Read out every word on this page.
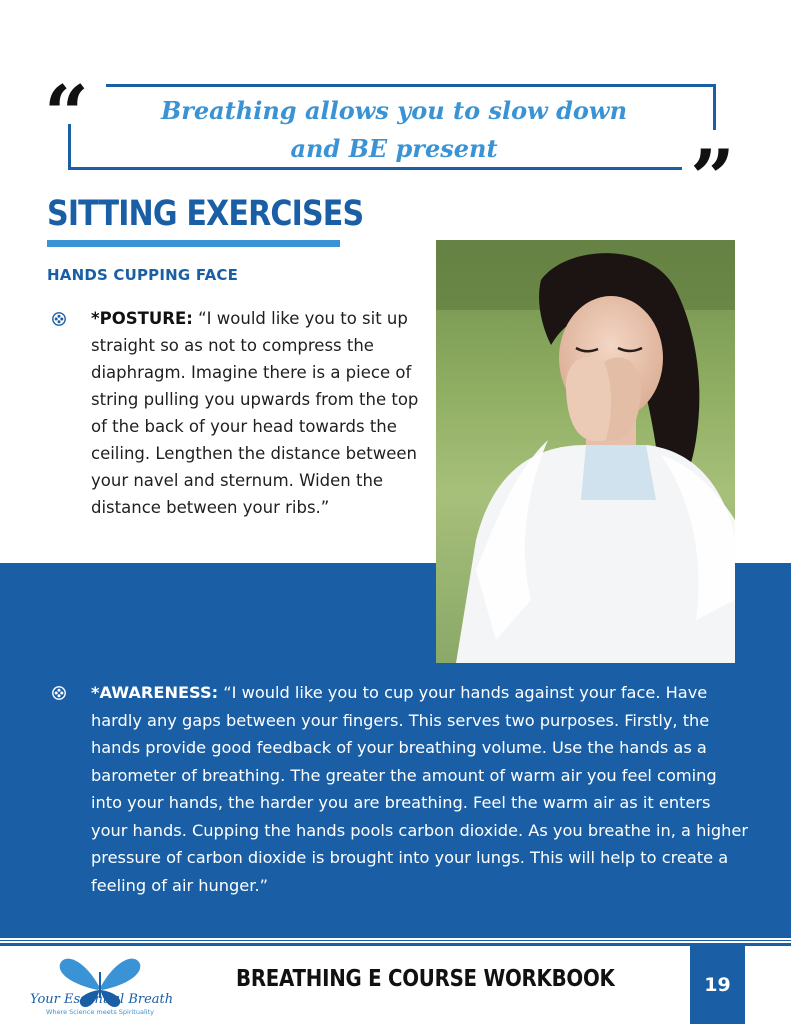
“
”
Breathing allows you to slow down
and BE present
SITTING EXERCISES
HANDS CUPPING FACE
*POSTURE: “I would like you to sit up straight so as not to compress the diaphragm. Imagine there is a piece of string pulling you upwards from the top of the back of your head towards the ceiling. Lengthen the distance between your navel and sternum. Widen the distance between your ribs.”
*AWARENESS: “I would like you to cup your hands against your face. Have hardly any gaps between your fingers. This serves two purposes. Firstly, the hands provide good feedback of your breathing volume. Use the hands as a barometer of breathing. The greater the amount of warm air you feel coming into your hands, the harder you are breathing. Feel the warm air as it enters your hands. Cupping the hands pools carbon dioxide. As you breathe in, a higher pressure of carbon dioxide is brought into your lungs. This will help to create a feeling of air hunger.”
Your Essential Breath
Where Science meets Spirituality
BREATHING E COURSE WORKBOOK	19
